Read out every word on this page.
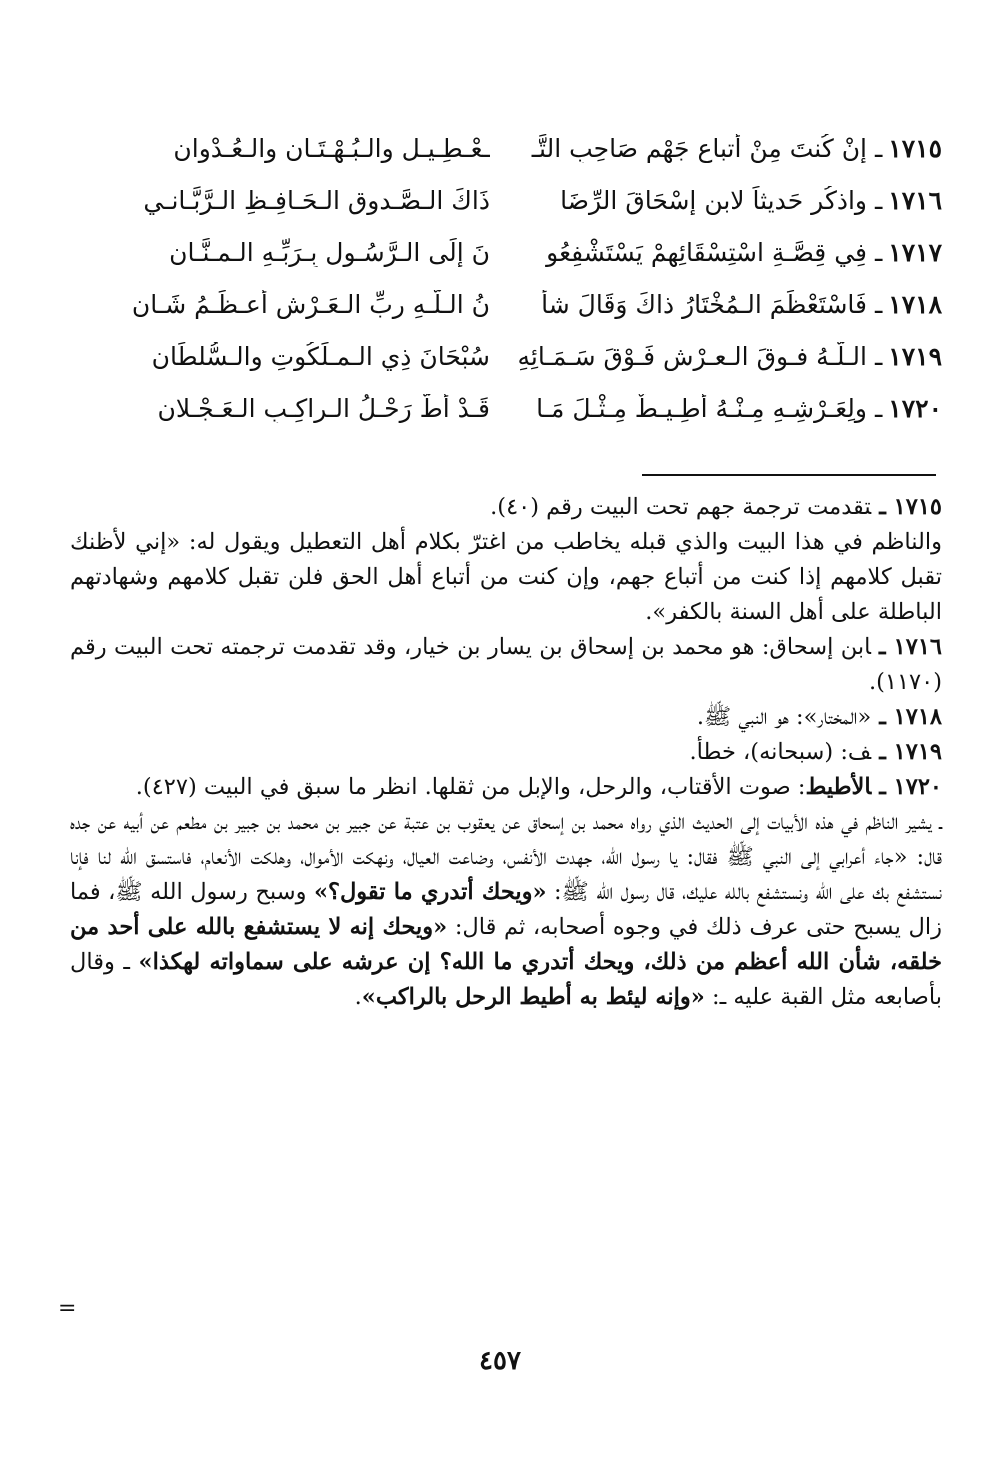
١٧١٥ـ إنْ كُنتَ مِنْ أتباعِ جَهْمٍ صَاحِبِ التَّـ
ـعْـطِـيـلِ والـبُـهْـتَـانِ والـعُـدْوانِ
١٧١٦ـ واذكُر حَديثاً لابنِ إسْحَاقَ الرِّضَا
ذَاكَ الـصَّـدوقِ الـحَـافِـظِ الـرَّبَّـانـي
١٧١٧ـ فِي قِصَّـةِ اسْتِسْقَائِهِمْ يَسْتَشْفِعُو
نَ إلَى الـرَّسُـولِ بِـرَبِّـهِ الـمـنَّـانِ
١٧١٨ـ فَاسْتَعْظَمَ الـمُخْتَارُ ذاكَ وَقَالَ شأ
نُ الـلَّـهِ ربِّ الـعَـرْشِ أعـظَـمُ شَـانِ
١٧١٩ـ الـلَّـهُ فـوقَ الـعـرْشِ فَـوْقَ سَـمَـائِهِ
سُبْحَانَ ذِي الـمـلَكُوتِ والـسُّلطَانِ
١٧٢٠ـ ولِعَـرْشِـهِ مِـنْـهُ أطِـيـطٌ مِـثْـلَ مَـا
قَـدْ أطَّ رَحْـلُ الـراكِـبِ الـعَـجْـلانِ

١٧١٥ ـتقدمت ترجمة جهم تحت البيت رقم (٤٠).

والناظم في هذا البيت والذي قبله يخاطب من اغترّ بكلام أهل التعطيل ويقول له: «إني لأظنك تقبل كلامهم إذا كنت من أتباع جهم، وإن كنت من أتباع أهل الحق فلن تقبل كلامهم وشهادتهم الباطلة على أهل السنة بالكفر».

١٧١٦ ـابن إسحاق: هو محمد بن إسحاق بن يسار بن خيار، وقد تقدمت ترجمته تحت البيت رقم (١١٧٠).

١٧١٨ ـ«المختار»: هو النبي ﷺ.

١٧١٩ ـف: (سبحانه)، خطأ.

١٧٢٠ ـالأطيط: صوت الأقتاب، والرحل، والإبل من ثقلها. انظر ما سبق في البيت (٤٢٧).

ـ يشير الناظم في هذه الأبيات إلى الحديث الذي رواه محمد بن إسحاق عن يعقوب بن عتبة عن جبير بن محمد بن جبير بن مطعم عن أبيه عن جده قال: «جاء أعرابي إلى النبي ﷺ فقال: يا رسول الله، جهدت الأنفس، وضاعت العيال، ونهكت الأموال، وهلكت الأنعام، فاستسق الله لنا فإنا نستشفع بك على الله ونستشفع بالله عليك، قال رسول الله ﷺ: «ويحك أتدري ما تقول؟» وسبح رسول الله ﷺ، فما زال يسبح حتى عرف ذلك في وجوه أصحابه، ثم قال: «ويحك إنه لا يستشفع بالله على أحد من خلقه، شأن الله أعظم من ذلك، ويحك أتدري ما الله؟ إن عرشه على سماواته لهكذا» ـ وقال بأصابعه مثل القبة عليه ـ: «وإنه ليئط به أطيط الرحل بالراكب».

=
٤٥٧
